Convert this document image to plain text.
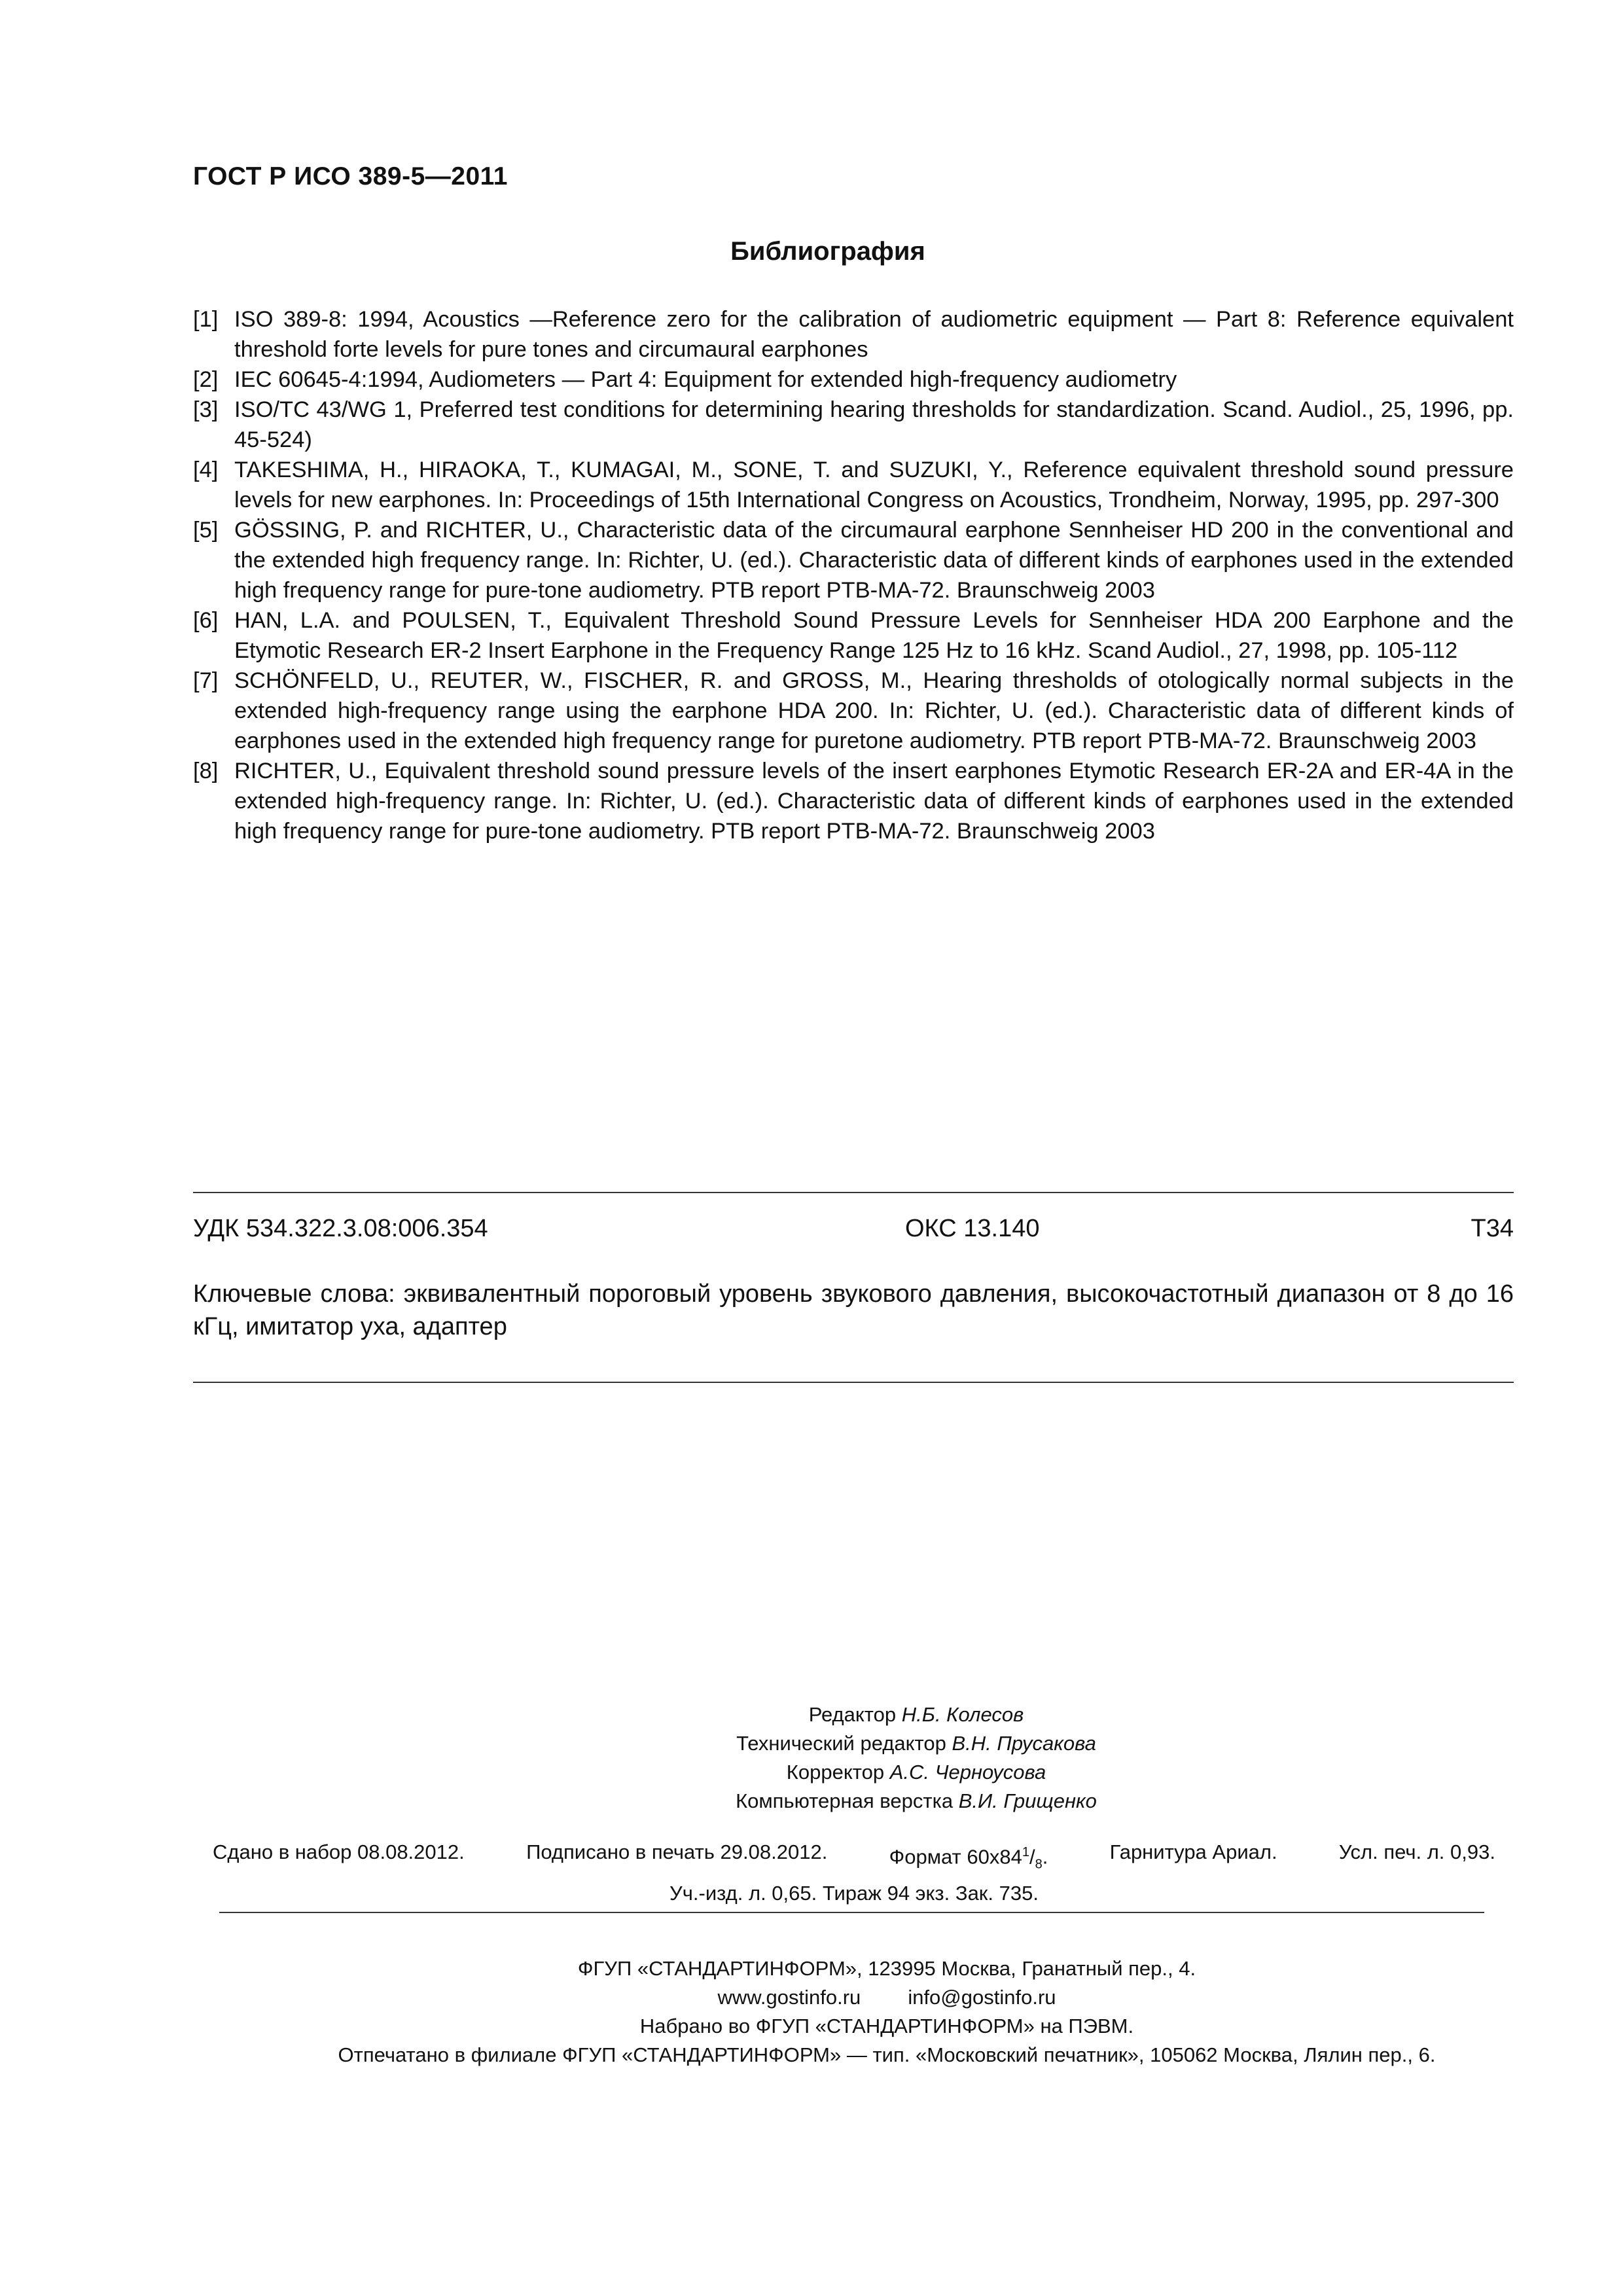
ГОСТ Р ИСО 389-5—2011
Библиография
[1] ISO 389-8: 1994, Acoustics —Reference zero for the calibration of audiometric equipment — Part 8: Reference equivalent threshold forte levels for pure tones and circumaural earphones
[2] IEC 60645-4:1994, Audiometers — Part 4: Equipment for extended high-frequency audiometry
[3] ISO/TC 43/WG 1, Preferred test conditions for determining hearing thresholds for standardization. Scand. Audiol., 25, 1996, pp. 45-524)
[4] TAKESHIMA, H., HIRAOKA, T., KUMAGAI, M., SONE, T. and SUZUKI, Y., Reference equivalent threshold sound pressure levels for new earphones. In: Proceedings of 15th International Congress on Acoustics, Trondheim, Norway, 1995, pp. 297-300
[5] GÖSSING, P. and RICHTER, U., Characteristic data of the circumaural earphone Sennheiser HD 200 in the conventional and the extended high frequency range. In: Richter, U. (ed.). Characteristic data of different kinds of earphones used in the extended high frequency range for pure-tone audiometry. PTB report PTB-MA-72. Braunschweig 2003
[6] HAN, L.A. and POULSEN, T., Equivalent Threshold Sound Pressure Levels for Sennheiser HDA 200 Earphone and the Etymotic Research ER-2 Insert Earphone in the Frequency Range 125 Hz to 16 kHz. Scand Audiol., 27, 1998, pp. 105-112
[7] SCHÖNFELD, U., REUTER, W., FISCHER, R. and GROSS, M., Hearing thresholds of otologically normal subjects in the extended high-frequency range using the earphone HDA 200. In: Richter, U. (ed.). Characteristic data of different kinds of earphones used in the extended high frequency range for puretone audiometry. PTB report PTB-MA-72. Braunschweig 2003
[8] RICHTER, U., Equivalent threshold sound pressure levels of the insert earphones Etymotic Research ER-2A and ER-4A in the extended high-frequency range. In: Richter, U. (ed.). Characteristic data of different kinds of earphones used in the extended high frequency range for pure-tone audiometry. PTB report PTB-MA-72. Braunschweig 2003
УДК 534.322.3.08:006.354	ОКС 13.140	Т34
Ключевые слова: эквивалентный пороговый уровень звукового давления, высокочастотный диапазон от 8 до 16 кГц, имитатор уха, адаптер
Редактор Н.Б. Колесов
Технический редактор В.Н. Прусакова
Корректор А.С. Черноусова
Компьютерная верстка В.И. Грищенко
Сдано в набор 08.08.2012.	Подписано в печать 29.08.2012.	Формат $60x84^1/_8$.	Гарнитура Ариал.	Усл. печ. л. 0,93.
Уч.-изд. л. 0,65. Тираж 94 экз. Зак. 735.
ФГУП «СТАНДАРТИНФОРМ», 123995 Москва, Гранатный пер., 4.
www.gostinfo.ru info@gostinfo.ru
Набрано во ФГУП «СТАНДАРТИНФОРМ» на ПЭВМ.
Отпечатано в филиале ФГУП «СТАНДАРТИНФОРМ» — тип. «Московский печатник», 105062 Москва, Лялин пер., 6.
